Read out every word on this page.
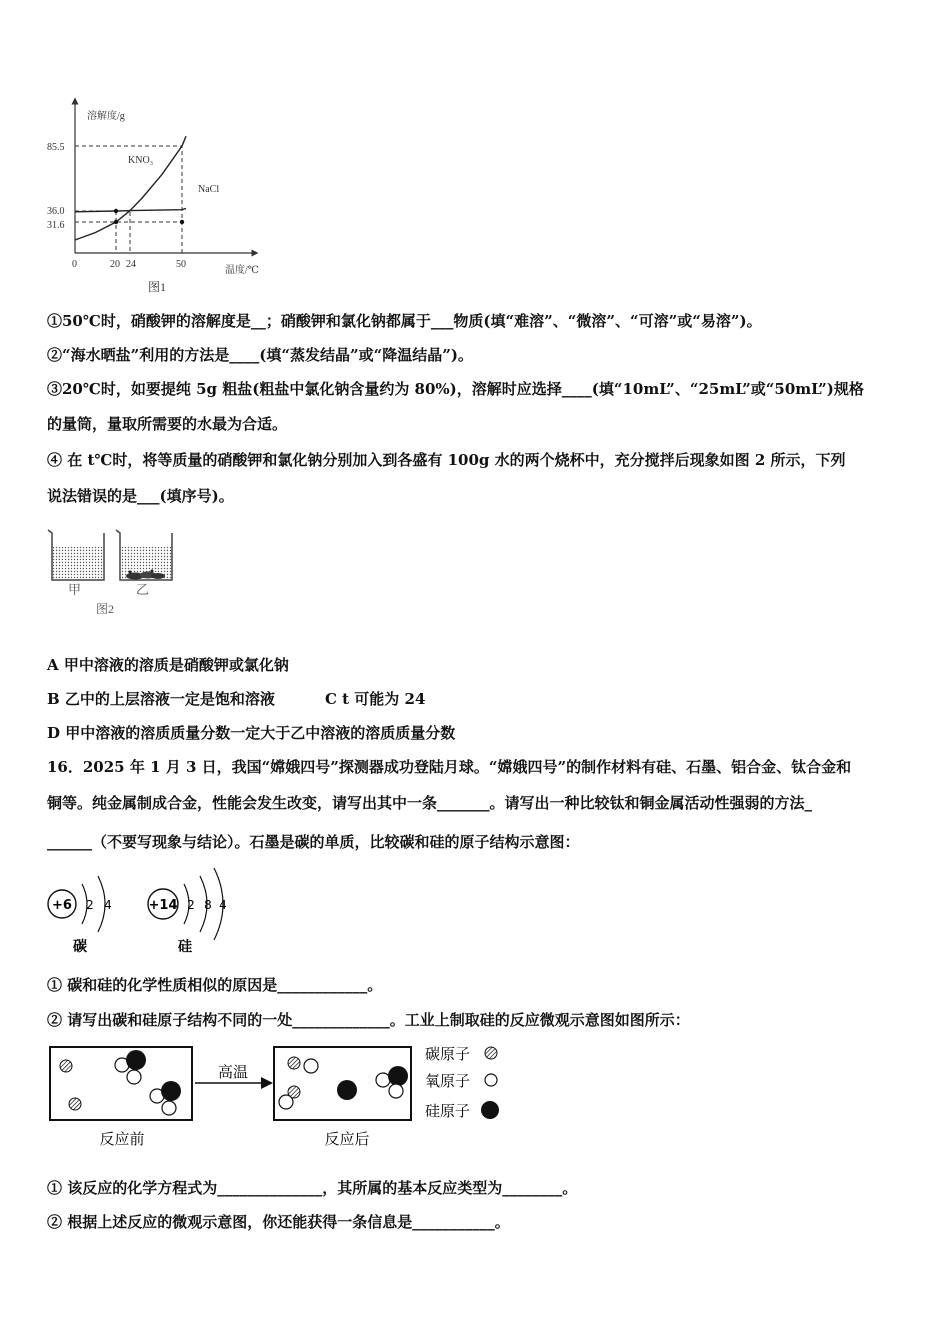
溶解度/g
温度/℃
85.5
36.0
31.6
0	20 24	50
KNO₃
NaCl
图1
①50℃时，硝酸钾的溶解度是__；硝酸钾和氯化钠都属于___物质(填“难溶”、“微溶”、“可溶”或“易溶”)。
②“海水晒盐”利用的方法是____(填“蒸发结晶”或“降温结晶”)。
③20℃时，如要提纯 5g 粗盐(粗盐中氯化钠含量约为 80%)，溶解时应选择____(填“10mL”、“25mL”或“50mL”)规格
的量筒，量取所需要的水最为合适。
④ 在 t℃时，将等质量的硝酸钾和氯化钠分别加入到各盛有 100g 水的两个烧杯中，充分搅拌后现象如图 2 所示，下列
说法错误的是___(填序号)。
甲	乙
图2
A 甲中溶液的溶质是硝酸钾或氯化钠
B 乙中的上层溶液一定是饱和溶液	C t 可能为 24
D 甲中溶液的溶质质量分数一定大于乙中溶液的溶质质量分数
16．2025 年 1 月 3 日，我国“嫦娥四号”探测器成功登陆月球。“嫦娥四号”的制作材料有硅、石墨、铝合金、钛合金和
铜等。纯金属制成合金，性能会发生改变，请写出其中一条_______。请写出一种比较钛和铜金属活动性强弱的方法_
______（不要写现象与结论）。石墨是碳的单质，比较碳和硅的原子结构示意图：
+6 2 4
碳
+14 2 8 4
硅
① 碳和硅的化学性质相似的原因是____________。
② 请写出碳和硅原子结构不同的一处_____________。工业上制取硅的反应微观示意图如图所示：
反应前
高温
反应后
碳原子
氧原子
硅原子
① 该反应的化学方程式为______________，其所属的基本反应类型为________。
② 根据上述反应的微观示意图，你还能获得一条信息是___________。
